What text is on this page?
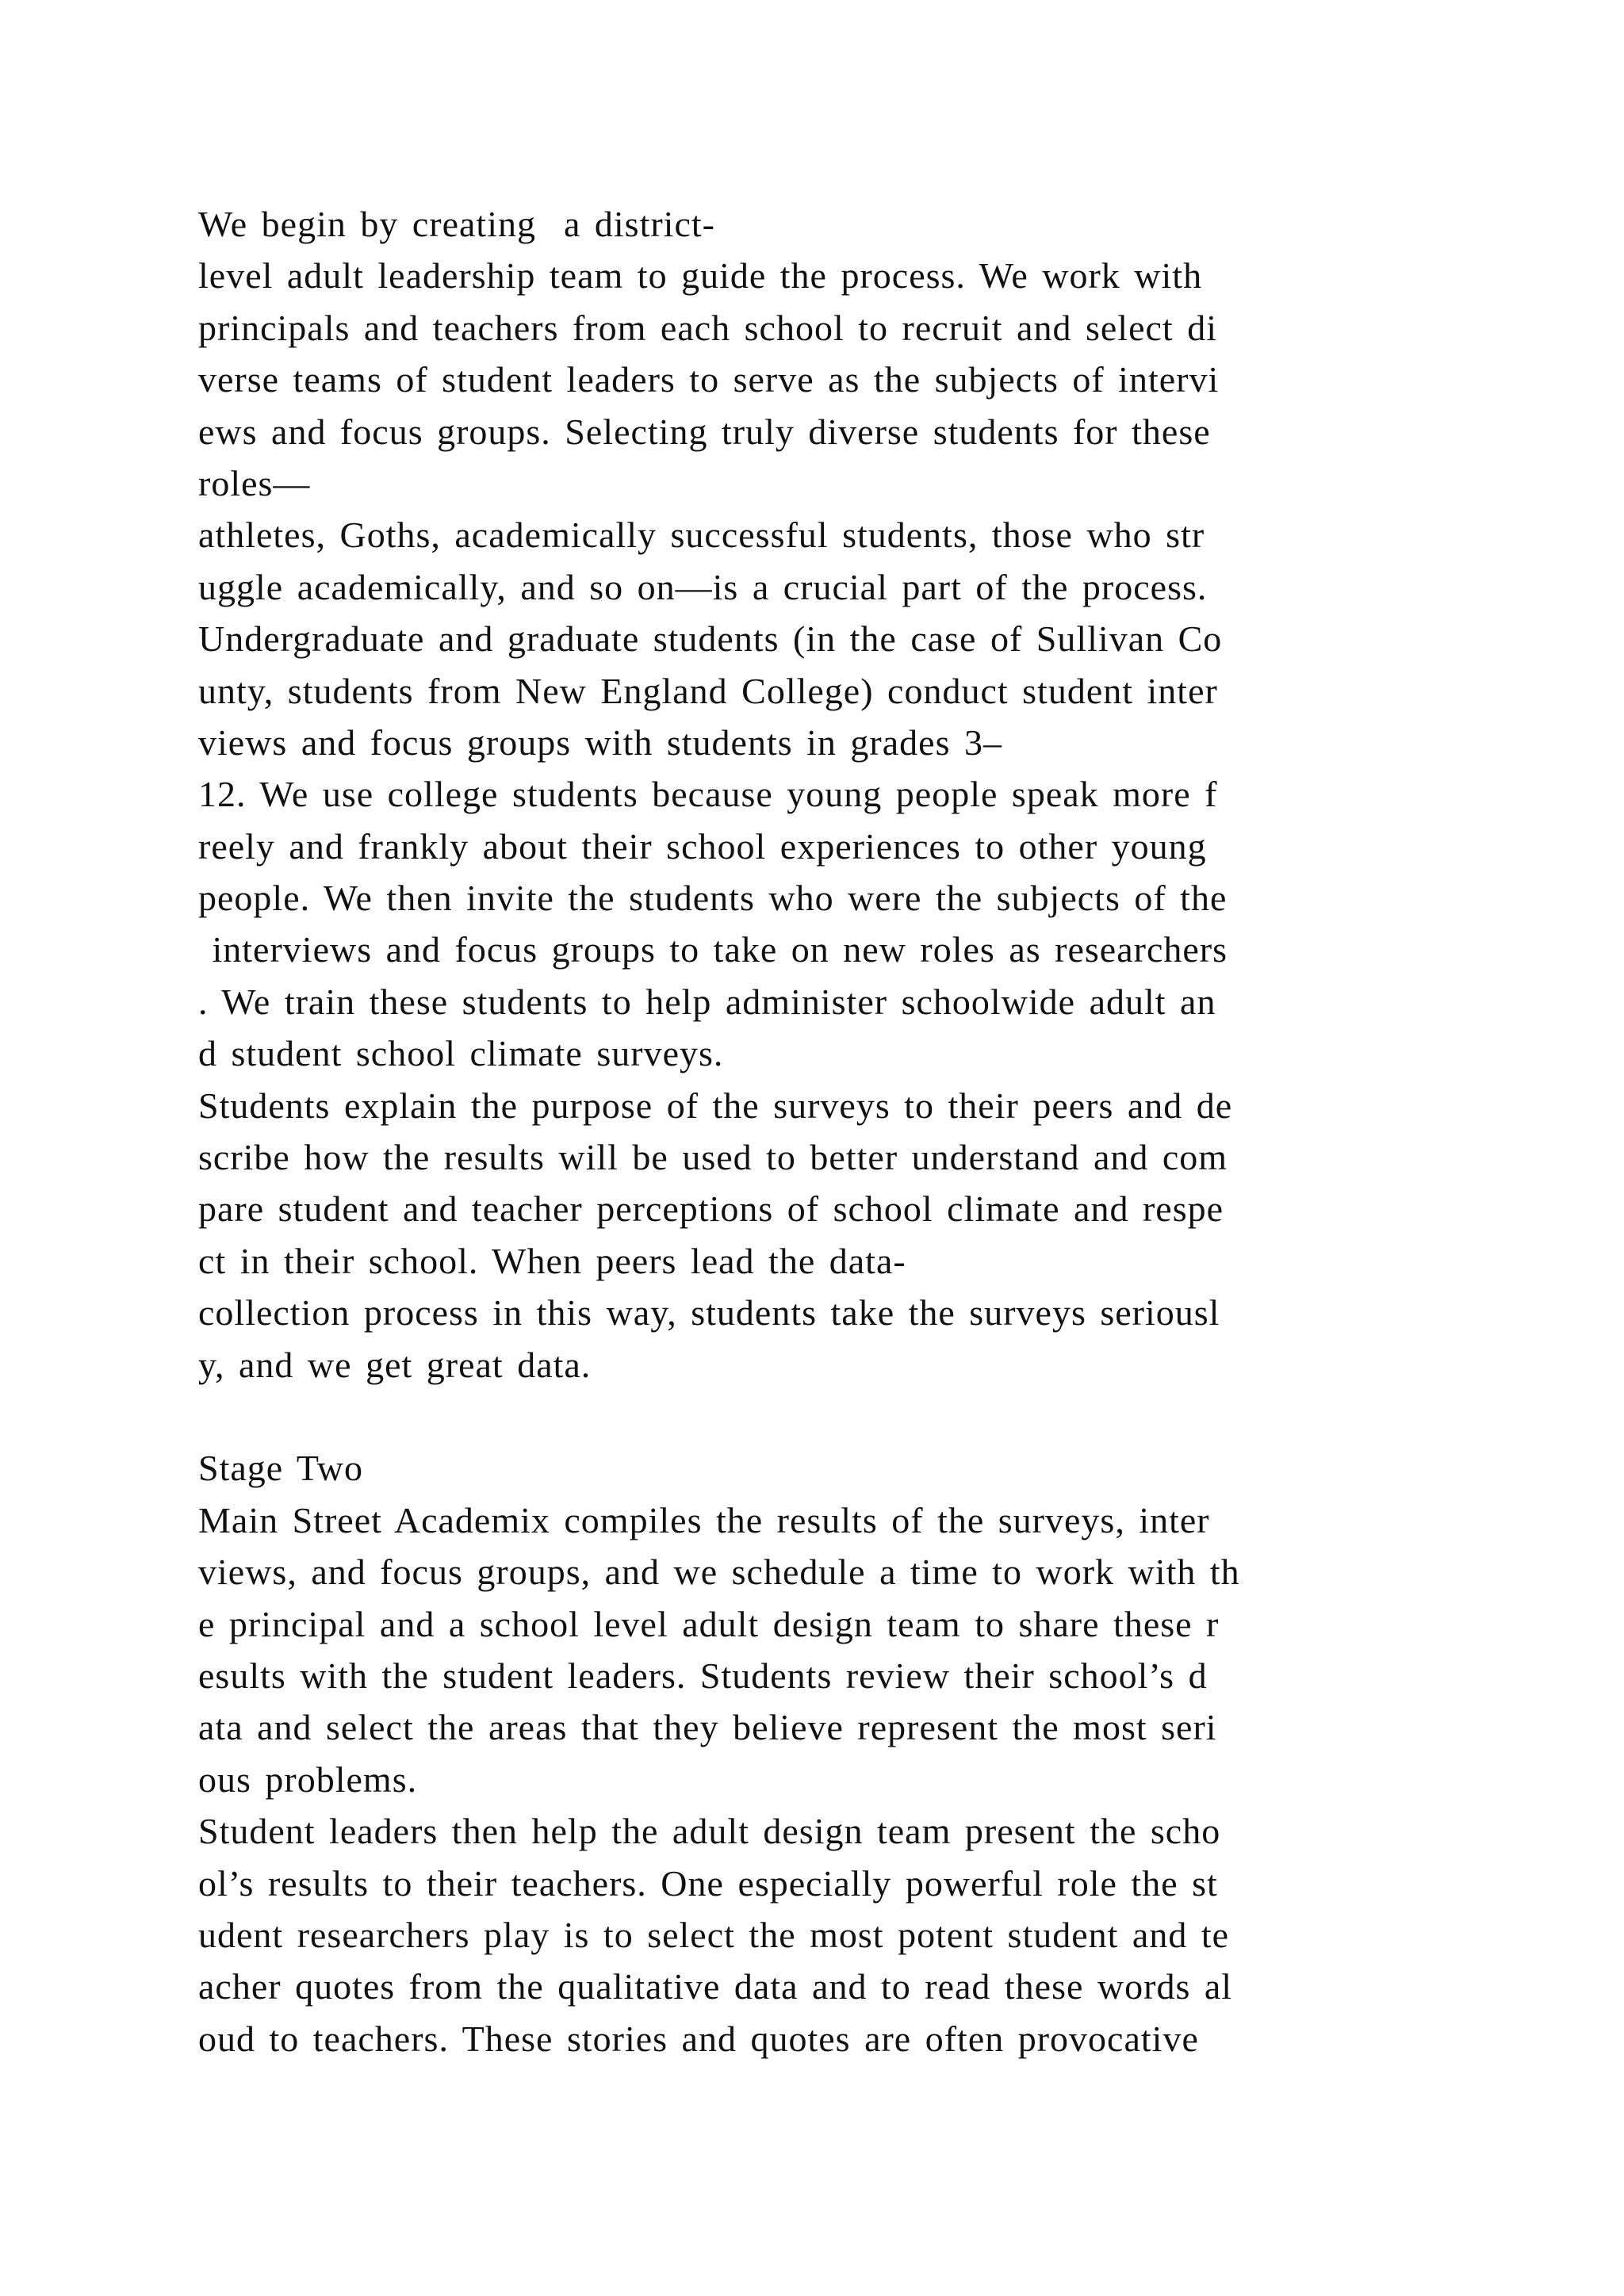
We begin by creating  a district-
level adult leadership team to guide the process. We work with
principals and teachers from each school to recruit and select di
verse teams of student leaders to serve as the subjects of intervi
ews and focus groups. Selecting truly diverse students for these
roles—
athletes, Goths, academically successful students, those who str
uggle academically, and so on—is a crucial part of the process.
Undergraduate and graduate students (in the case of Sullivan Co
unty, students from New England College) conduct student inter
views and focus groups with students in grades 3–
12. We use college students because young people speak more f
reely and frankly about their school experiences to other young
people. We then invite the students who were the subjects of the
interviews and focus groups to take on new roles as researchers
. We train these students to help administer schoolwide adult an
d student school climate surveys.
Students explain the purpose of the surveys to their peers and de
scribe how the results will be used to better understand and com
pare student and teacher perceptions of school climate and respe
ct in their school. When peers lead the data-
collection process in this way, students take the surveys seriousl
y, and we get great data.
Stage Two
Main Street Academix compiles the results of the surveys, inter
views, and focus groups, and we schedule a time to work with th
e principal and a school level adult design team to share these r
esults with the student leaders. Students review their school’s d
ata and select the areas that they believe represent the most seri
ous problems.
Student leaders then help the adult design team present the scho
ol’s results to their teachers. One especially powerful role the st
udent researchers play is to select the most potent student and te
acher quotes from the qualitative data and to read these words al
oud to teachers. These stories and quotes are often provocative
